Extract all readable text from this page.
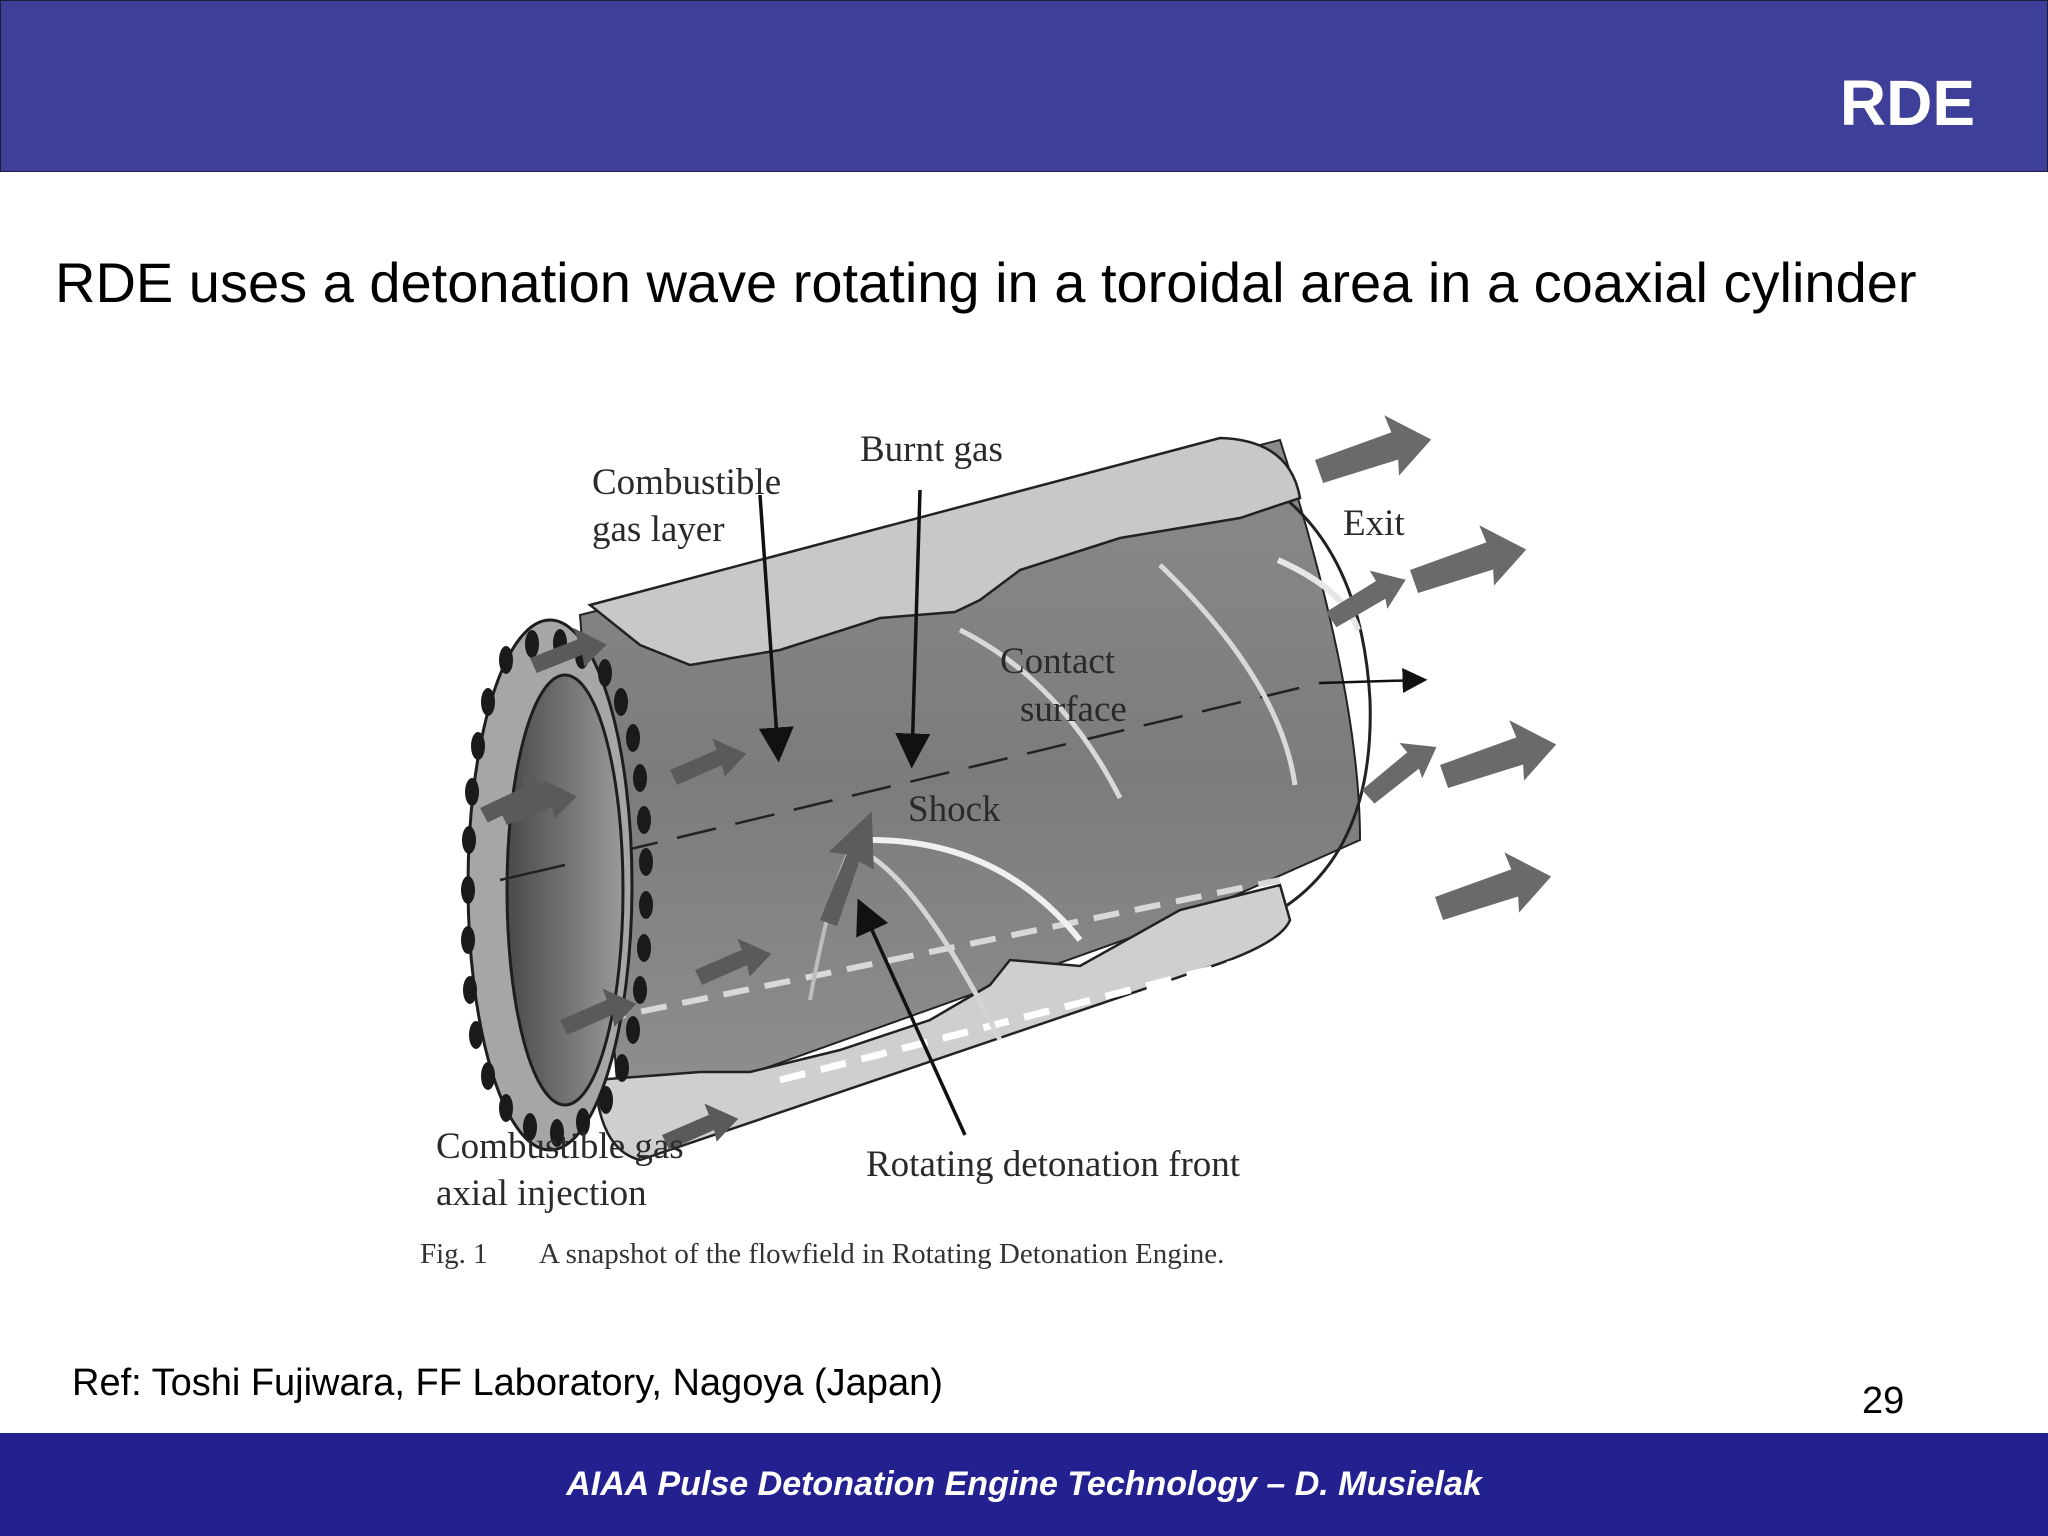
RDE
RDE uses a detonation wave rotating in a toroidal area in a coaxial cylinder
Combustible
gas layer
Burnt gas
Exit
Contact
surface
Shock
Combustible gas
axial injection
Rotating detonation front
Fig. 1 A snapshot of the flowfield in Rotating Detonation Engine.
Ref: Toshi Fujiwara, FF Laboratory, Nagoya (Japan)	29
AIAA Pulse Detonation Engine Technology – D. Musielak
